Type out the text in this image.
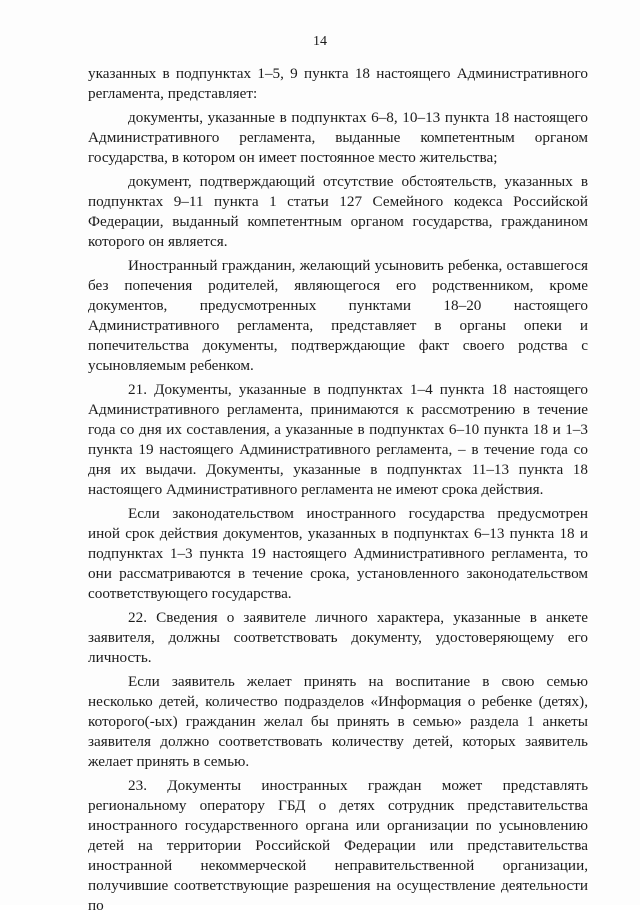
14

указанных в подпунктах 1–5, 9 пункта 18 настоящего Административного регламента, представляет:

документы, указанные в подпунктах 6–8, 10–13 пункта 18 настоящего Административного регламента, выданные компетентным органом государства, в котором он имеет постоянное место жительства;

документ, подтверждающий отсутствие обстоятельств, указанных в подпунктах 9–11 пункта 1 статьи 127 Семейного кодекса Российской Федерации, выданный компетентным органом государства, гражданином которого он является.

Иностранный гражданин, желающий усыновить ребенка, оставшегося без попечения родителей, являющегося его родственником, кроме документов, предусмотренных пунктами 18–20 настоящего Административного регламента, представляет в органы опеки и попечительства документы, подтверждающие факт своего родства с усыновляемым ребенком.

21. Документы, указанные в подпунктах 1–4 пункта 18 настоящего Административного регламента, принимаются к рассмотрению в течение года со дня их составления, а указанные в подпунктах 6–10 пункта 18 и 1–3 пункта 19 настоящего Административного регламента, – в течение года со дня их выдачи. Документы, указанные в подпунктах 11–13 пункта 18 настоящего Административного регламента не имеют срока действия.

Если законодательством иностранного государства предусмотрен иной срок действия документов, указанных в подпунктах 6–13 пункта 18 и подпунктах 1–3 пункта 19 настоящего Административного регламента, то они рассматриваются в течение срока, установленного законодательством соответствующего государства.

22. Сведения о заявителе личного характера, указанные в анкете заявителя, должны соответствовать документу, удостоверяющему его личность.

Если заявитель желает принять на воспитание в свою семью несколько детей, количество подразделов «Информация о ребенке (детях), которого(-ых) гражданин желал бы принять в семью» раздела 1 анкеты заявителя должно соответствовать количеству детей, которых заявитель желает принять в семью.

23. Документы иностранных граждан может представлять региональному оператору ГБД о детях сотрудник представительства иностранного государственного органа или организации по усыновлению детей на территории Российской Федерации или представительства иностранной некоммерческой неправительственной организации, получившие соответствующие разрешения на осуществление деятельности по
